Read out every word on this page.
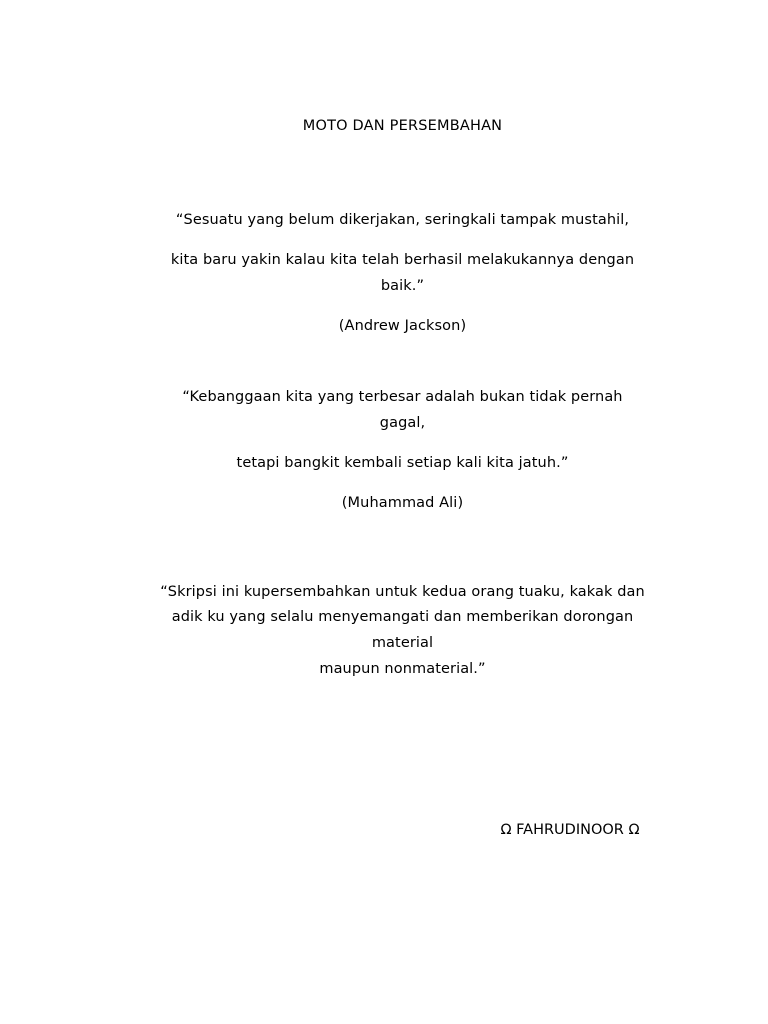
MOTO DAN PERSEMBAHAN
“Sesuatu yang belum dikerjakan, seringkali tampak mustahil,
kita baru yakin kalau kita telah berhasil melakukannya dengan
baik.”
(Andrew Jackson)
“Kebanggaan kita yang terbesar adalah bukan tidak pernah
gagal,
tetapi bangkit kembali setiap kali kita jatuh.”
(Muhammad Ali)
“Skripsi ini kupersembahkan untuk kedua orang tuaku, kakak dan
adik ku yang selalu menyemangati dan memberikan dorongan
material
maupun nonmaterial.”
Ω FAHRUDINOOR Ω
